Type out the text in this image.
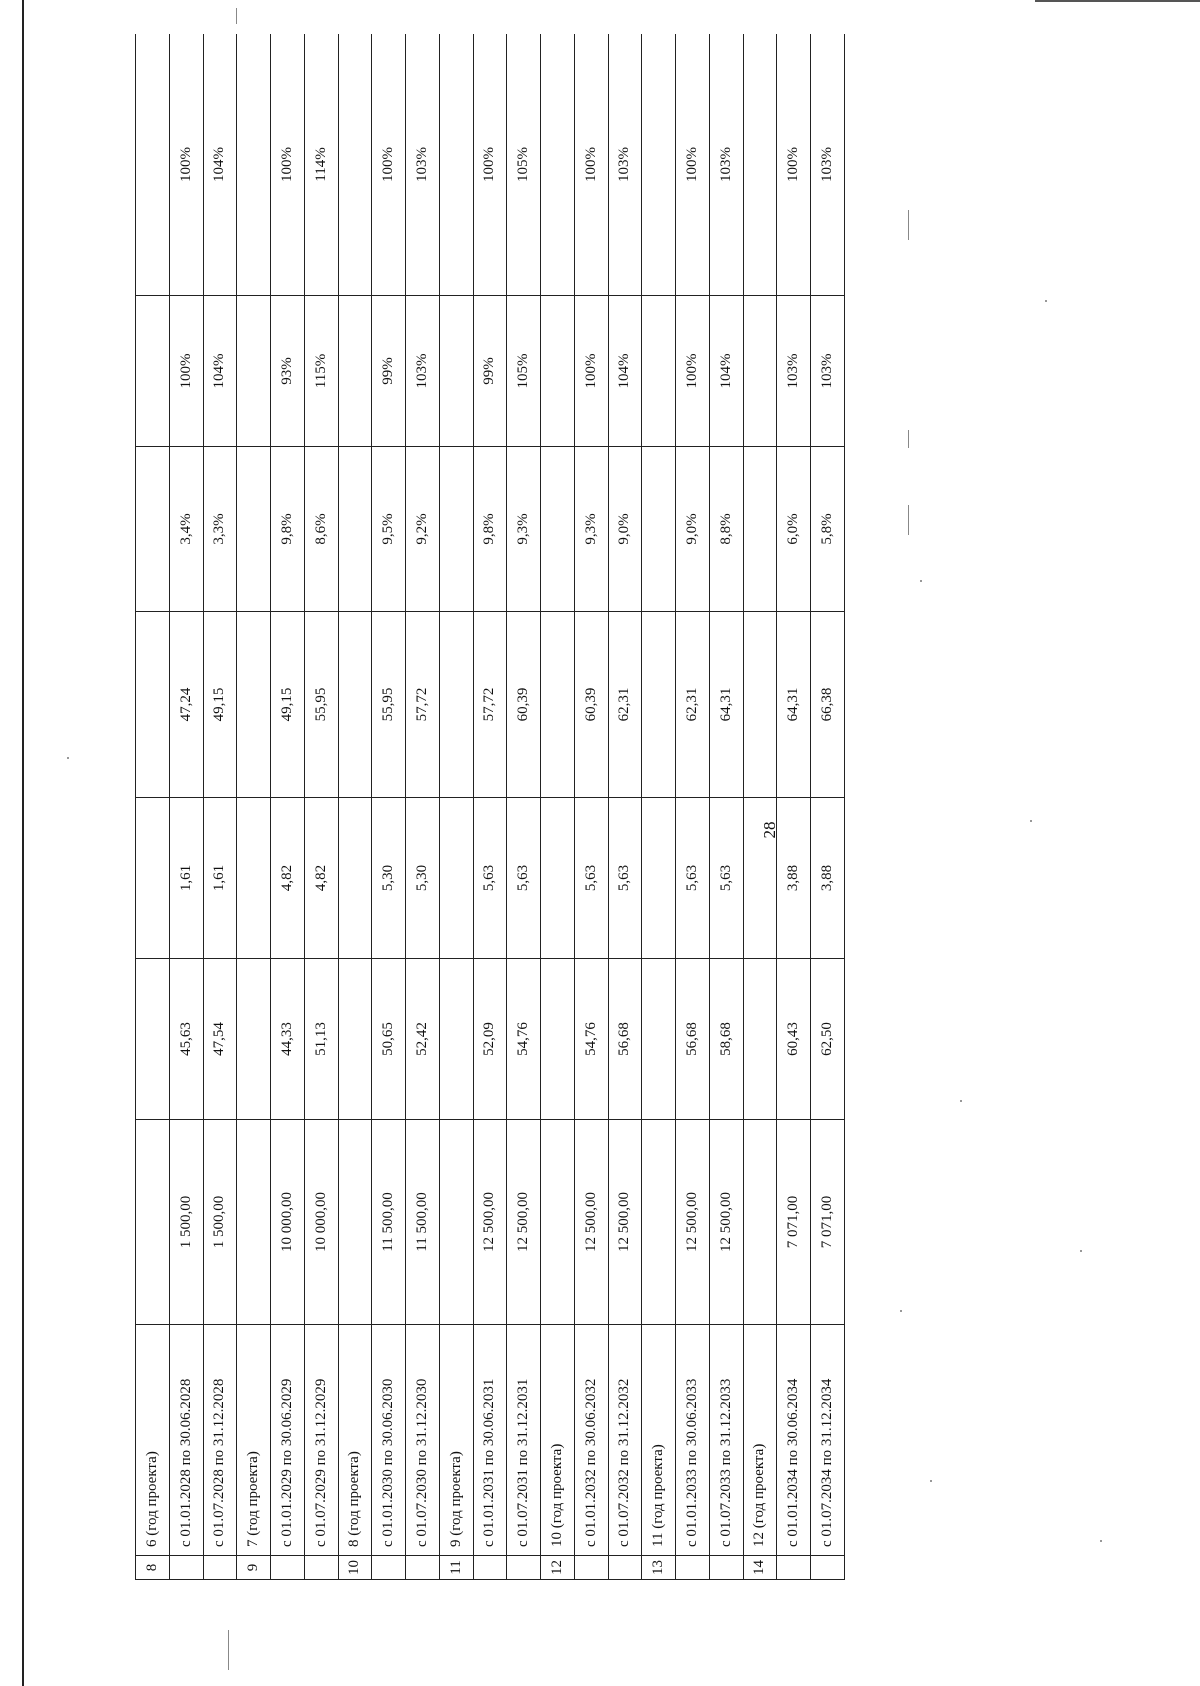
28
8	6 (год проекта)							
	с 01.01.2028 по 30.06.2028	1 500,00	45,63	1,61	47,24	3,4%	100%	100%
	с 01.07.2028 по 31.12.2028	1 500,00	47,54	1,61	49,15	3,3%	104%	104%
9	7 (год проекта)							
	с 01.01.2029 по 30.06.2029	10 000,00	44,33	4,82	49,15	9,8%	93%	100%
	с 01.07.2029 по 31.12.2029	10 000,00	51,13	4,82	55,95	8,6%	115%	114%
10	8 (год проекта)							
	с 01.01.2030 по 30.06.2030	11 500,00	50,65	5,30	55,95	9,5%	99%	100%
	с 01.07.2030 по 31.12.2030	11 500,00	52,42	5,30	57,72	9,2%	103%	103%
11	9 (год проекта)							
	с 01.01.2031 по 30.06.2031	12 500,00	52,09	5,63	57,72	9,8%	99%	100%
	с 01.07.2031 по 31.12.2031	12 500,00	54,76	5,63	60,39	9,3%	105%	105%
12	10 (год проекта)							
	с 01.01.2032 по 30.06.2032	12 500,00	54,76	5,63	60,39	9,3%	100%	100%
	с 01.07.2032 по 31.12.2032	12 500,00	56,68	5,63	62,31	9,0%	104%	103%
13	11 (год проекта)							
	с 01.01.2033 по 30.06.2033	12 500,00	56,68	5,63	62,31	9,0%	100%	100%
	с 01.07.2033 по 31.12.2033	12 500,00	58,68	5,63	64,31	8,8%	104%	103%
14	12 (год проекта)							
	с 01.01.2034 по 30.06.2034	7 071,00	60,43	3,88	64,31	6,0%	103%	100%
	с 01.07.2034 по 31.12.2034	7 071,00	62,50	3,88	66,38	5,8%	103%	103%
